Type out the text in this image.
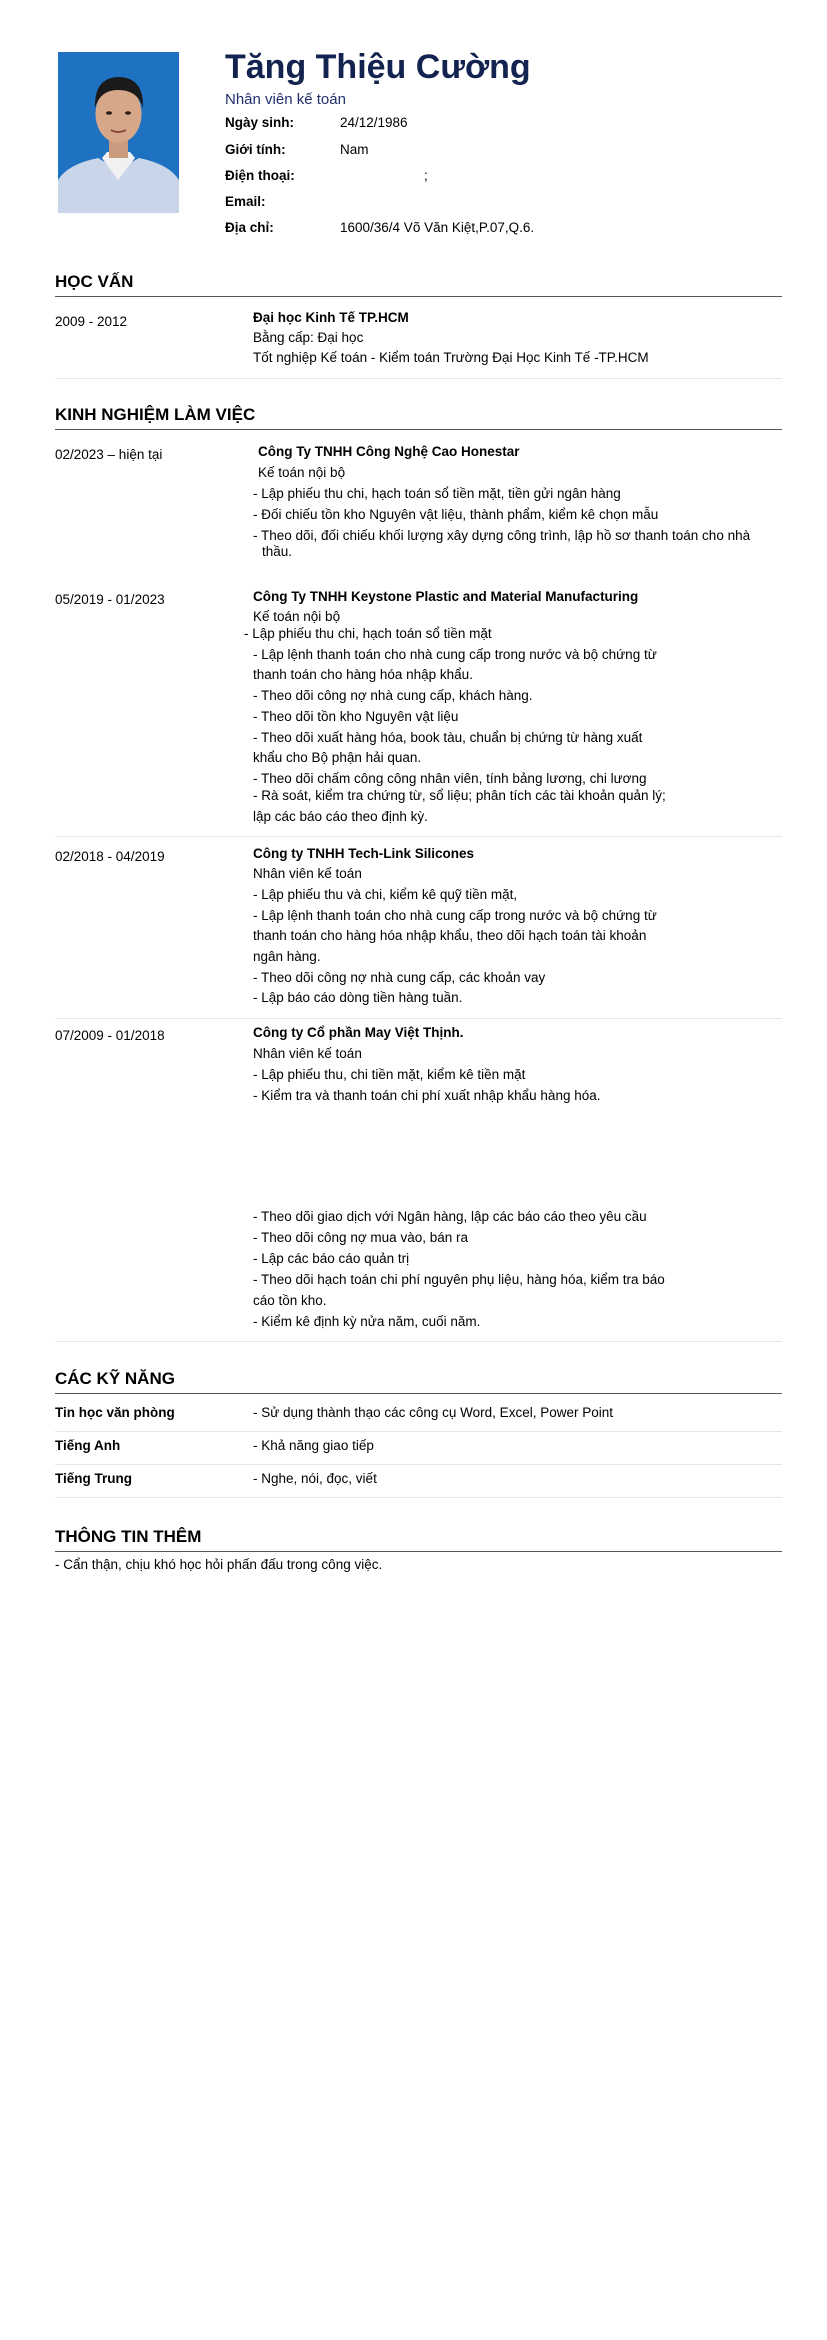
Tăng Thiệu Cường
Nhân viên kế toán
Ngày sinh:	24/12/1986
Giới tính:	Nam
Điện thoại:	;
Email:
Địa chỉ:	1600/36/4 Võ Văn Kiệt,P.07,Q.6.
HỌC VẤN
2009 - 2012	Đại học Kinh Tế TP.HCM
Bằng cấp: Đại học
Tốt nghiệp Kế toán - Kiểm toán Trường Đại Học Kinh Tế -TP.HCM
KINH NGHIỆM LÀM VIỆC
02/2023 – hiện tại	Công Ty TNHH Công Nghệ Cao Honestar
Kế toán nội bộ
- Lập phiếu thu chi, hạch toán sổ tiền mặt, tiền gửi ngân hàng
- Đối chiếu tồn kho Nguyên vật liệu, thành phẩm, kiểm kê chọn mẫu
- Theo dõi, đối chiếu khối lượng xây dựng công trình, lập hồ sơ thanh toán cho nhà
thầu.
05/2019 - 01/2023	Công Ty TNHH Keystone Plastic and Material Manufacturing
Kế toán nội bộ
- Lập phiếu thu chi, hạch toán sổ tiền mặt
- Lập lệnh thanh toán cho nhà cung cấp trong nước và bộ chứng từ
thanh toán cho hàng hóa nhập khẩu.
- Theo dõi công nợ nhà cung cấp, khách hàng.
- Theo dõi tồn kho Nguyên vật liệu
- Theo dõi xuất hàng hóa, book tàu, chuẩn bị chứng từ hàng xuất
khẩu cho Bộ phận hải quan.
- Theo dõi chấm công công nhân viên, tính bảng lương, chi lương
- Rà soát, kiểm tra chứng từ, sổ liệu; phân tích các tài khoản quản lý;
lập các báo cáo theo định kỳ.
02/2018 - 04/2019	Công ty TNHH Tech-Link Silicones
Nhân viên kế toán
- Lập phiếu thu và chi, kiểm kê quỹ tiền mặt,
- Lập lệnh thanh toán cho nhà cung cấp trong nước và bộ chứng từ
thanh toán cho hàng hóa nhập khẩu, theo dõi hạch toán tài khoản
ngân hàng.
- Theo dõi công nợ nhà cung cấp, các khoản vay
- Lập báo cáo dòng tiền hàng tuần.
07/2009 - 01/2018	Công ty Cổ phần May Việt Thịnh.
Nhân viên kế toán
- Lập phiếu thu, chi tiền mặt, kiểm kê tiền mặt
- Kiểm tra và thanh toán chi phí xuất nhập khẩu hàng hóa.
- Theo dõi giao dịch với Ngân hàng, lập các báo cáo theo yêu cầu
- Theo dõi công nợ mua vào, bán ra
- Lập các báo cáo quản trị
- Theo dõi hạch toán chi phí nguyên phụ liệu, hàng hóa, kiểm tra báo
cáo tồn kho.
- Kiểm kê định kỳ nửa năm, cuối năm.
CÁC KỸ NĂNG
Tin học văn phòng	- Sử dụng thành thạo các công cụ Word, Excel, Power Point
Tiếng Anh	- Khả năng giao tiếp
Tiếng Trung	- Nghe, nói, đọc, viết
THÔNG TIN THÊM
- Cẩn thận, chịu khó học hỏi phấn đấu trong công việc.
